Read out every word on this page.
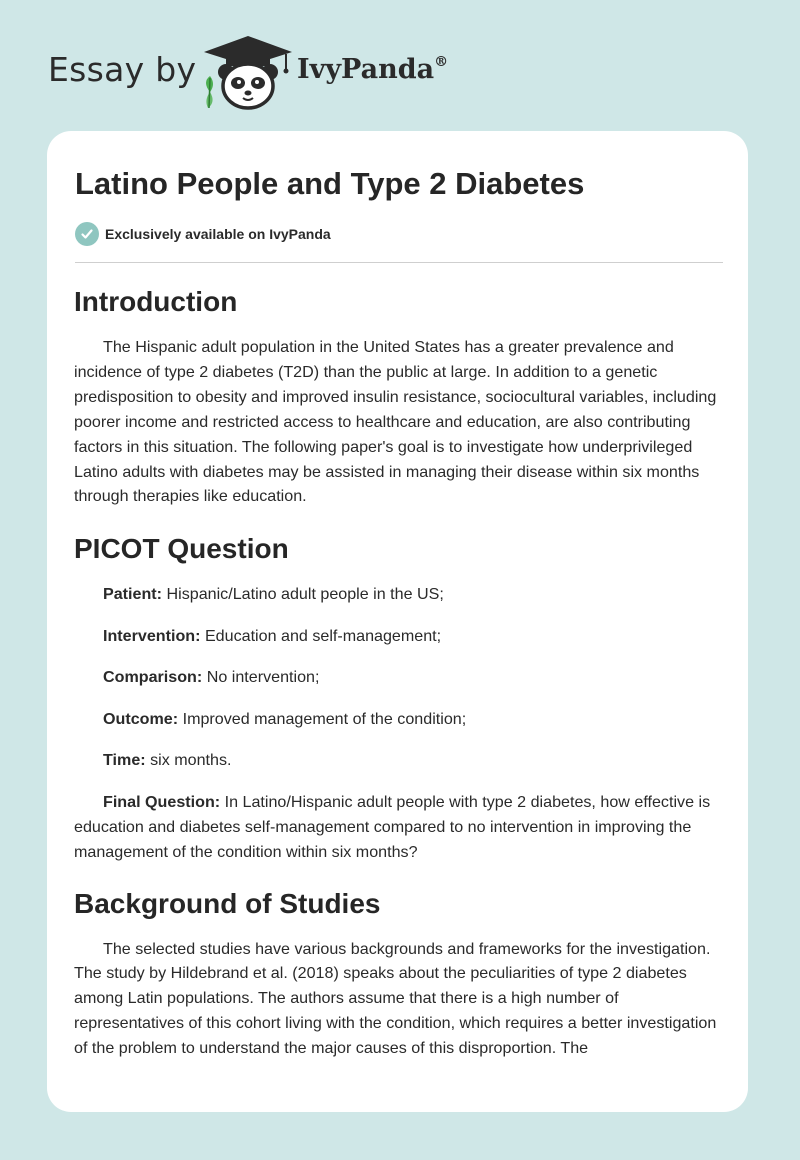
Essay by	IvyPanda®
Latino People and Type 2 Diabetes
Exclusively available on IvyPanda
Introduction

The Hispanic adult population in the United States has a greater prevalence and incidence of type 2 diabetes (T2D) than the public at large. In addition to a genetic predisposition to obesity and improved insulin resistance, sociocultural variables, including poorer income and restricted access to healthcare and education, are also contributing factors in this situation. The following paper's goal is to investigate how underprivileged Latino adults with diabetes may be assisted in managing their disease within six months through therapies like education.

PICOT Question

Patient: Hispanic/Latino adult people in the US;

Intervention: Education and self-management;

Comparison: No intervention;

Outcome: Improved management of the condition;

Time: six months.

Final Question: In Latino/Hispanic adult people with type 2 diabetes, how effective is education and diabetes self-management compared to no intervention in improving the management of the condition within six months?

Background of Studies

The selected studies have various backgrounds and frameworks for the investigation. The study by Hildebrand et al. (2018) speaks about the peculiarities of type 2 diabetes among Latin populations. The authors assume that there is a high number of representatives of this cohort living with the condition, which requires a better investigation of the problem to understand the major causes of this disproportion. The
